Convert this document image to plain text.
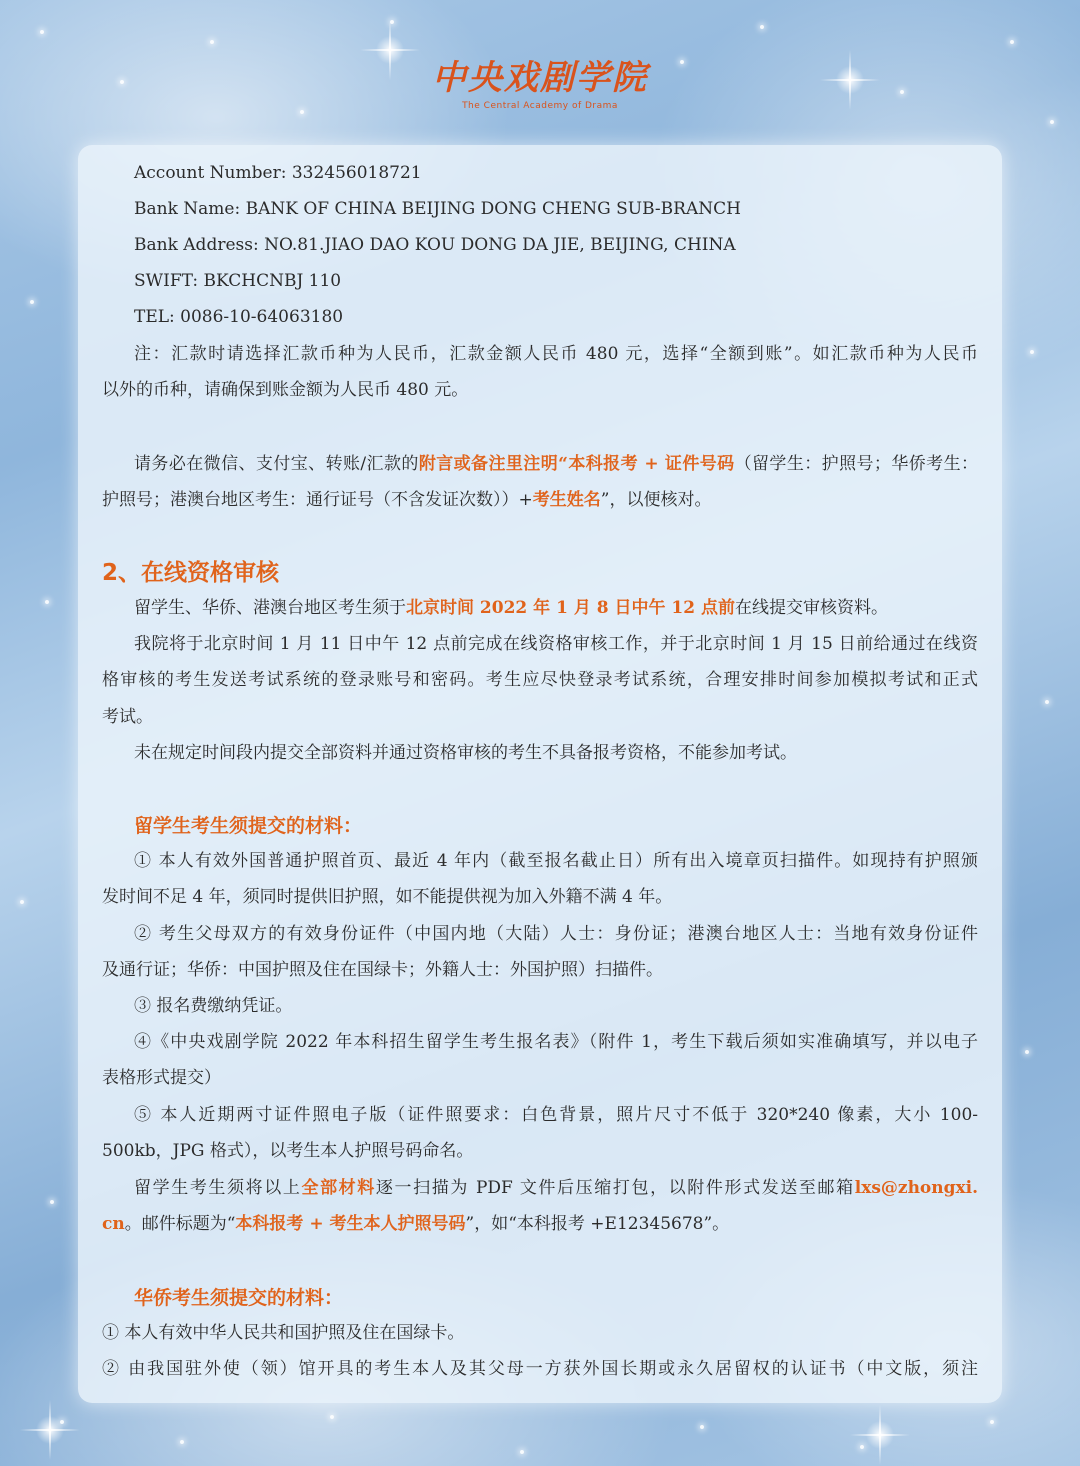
中央戏剧学院
The Central Academy of Drama
Account Number: 332456018721
Bank Name: BANK OF CHINA BEIJING DONG CHENG SUB-BRANCH
Bank Address: NO.81.JIAO DAO KOU DONG DA JIE, BEIJING, CHINA
SWIFT: BKCHCNBJ 110
TEL: 0086-10-64063180
注：汇款时请选择汇款币种为人民币，汇款金额人民币 480 元，选择“全额到账”。如汇款币种为人民币
以外的币种，请确保到账金额为人民币 480 元。
请务必在微信、支付宝、转账/汇款的附言或备注里注明“本科报考 + 证件号码（留学生：护照号；华侨考生：
护照号；港澳台地区考生：通行证号（不含发证次数））+考生姓名”，以便核对。
2、在线资格审核
留学生、华侨、港澳台地区考生须于北京时间 2022 年 1 月 8 日中午 12 点前在线提交审核资料。
我院将于北京时间 1 月 11 日中午 12 点前完成在线资格审核工作，并于北京时间 1 月 15 日前给通过在线资
格审核的考生发送考试系统的登录账号和密码。考生应尽快登录考试系统，合理安排时间参加模拟考试和正式
考试。
未在规定时间段内提交全部资料并通过资格审核的考生不具备报考资格，不能参加考试。
留学生考生须提交的材料：
① 本人有效外国普通护照首页、最近 4 年内（截至报名截止日）所有出入境章页扫描件。如现持有护照颁
发时间不足 4 年，须同时提供旧护照，如不能提供视为加入外籍不满 4 年。
② 考生父母双方的有效身份证件（中国内地（大陆）人士：身份证；港澳台地区人士：当地有效身份证件
及通行证；华侨：中国护照及住在国绿卡；外籍人士：外国护照）扫描件。
③ 报名费缴纳凭证。
④《中央戏剧学院 2022 年本科招生留学生考生报名表》（附件 1，考生下载后须如实准确填写，并以电子
表格形式提交）
⑤ 本人近期两寸证件照电子版（证件照要求：白色背景，照片尺寸不低于 320*240 像素，大小 100-
500kb，JPG 格式），以考生本人护照号码命名。
留学生考生须将以上全部材料逐一扫描为 PDF 文件后压缩打包，以附件形式发送至邮箱lxs@zhongxi.
cn。邮件标题为“本科报考 + 考生本人护照号码”，如“本科报考 +E12345678”。
华侨考生须提交的材料：
① 本人有效中华人民共和国护照及住在国绿卡。
② 由我国驻外使（领）馆开具的考生本人及其父母一方获外国长期或永久居留权的认证书（中文版，须注
